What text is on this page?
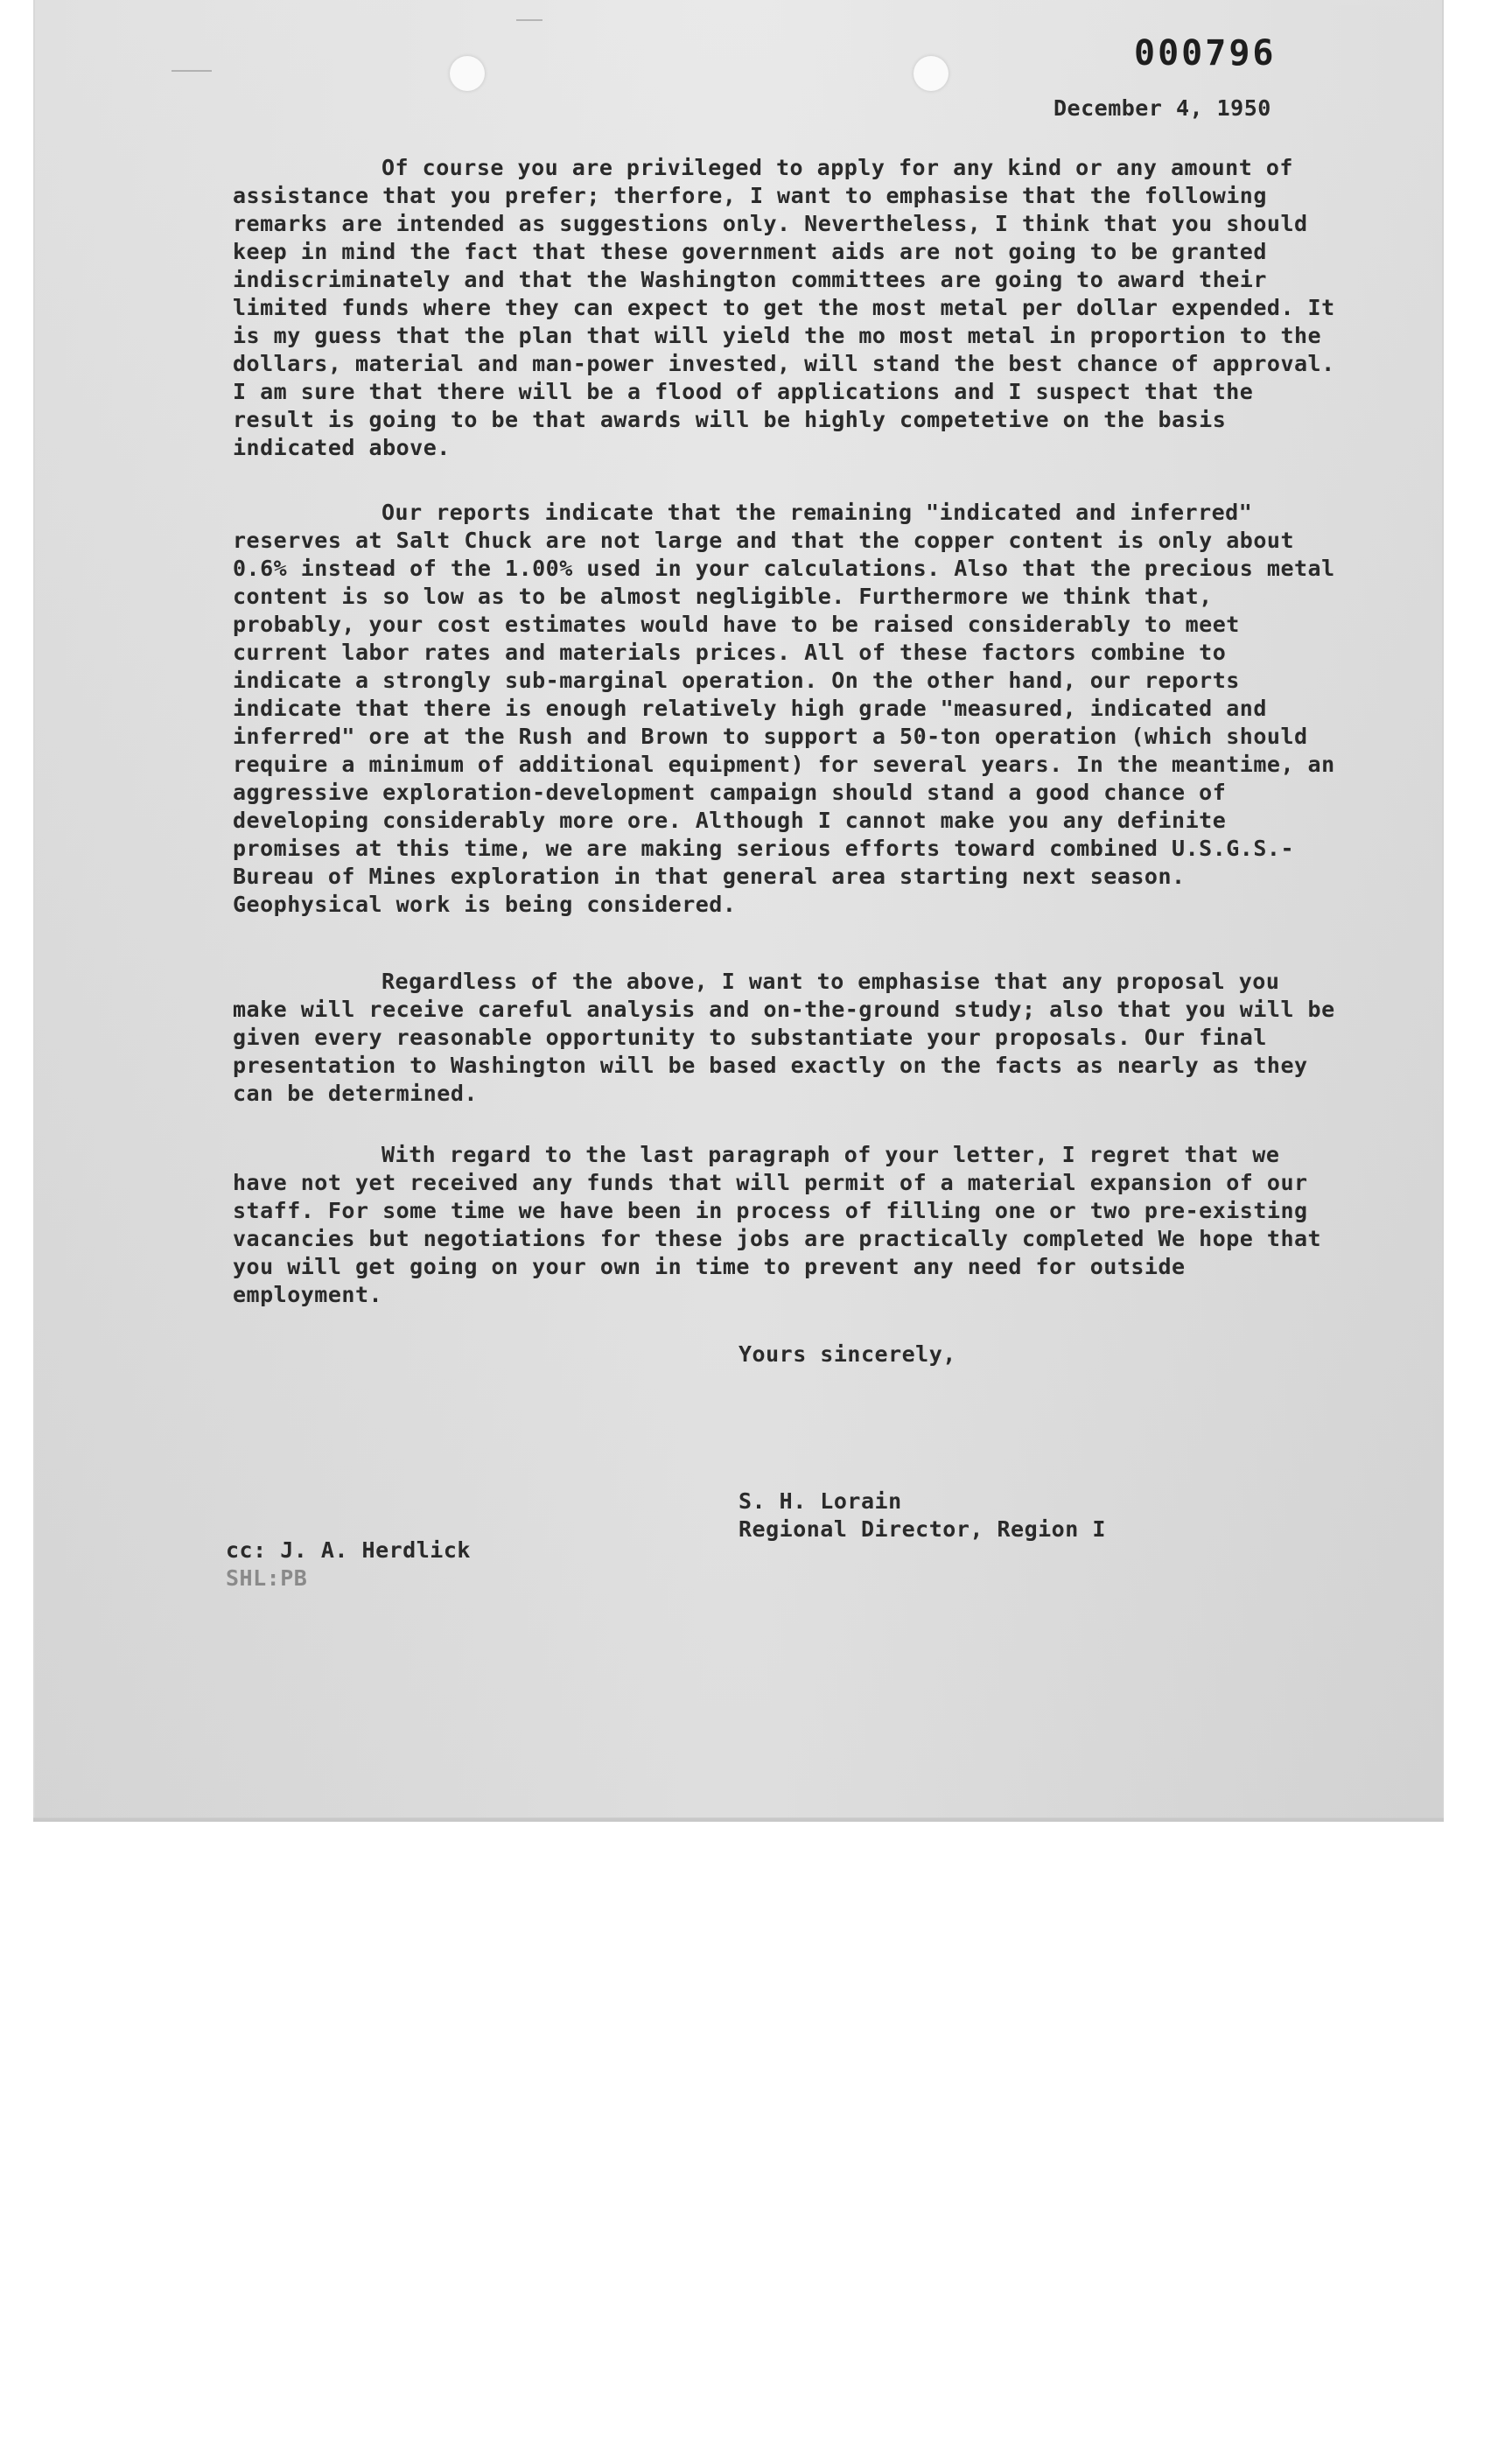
000796
December 4, 1950

Of course you are privileged to apply for any kind or any amount of assistance that you prefer; therfore, I want to emphasise that the following remarks are intended as suggestions only. Nevertheless, I think that you should keep in mind the fact that these government aids are not going to be granted indiscriminately and that the Washington committees are going to award their limited funds where they can expect to get the most metal per dollar expended. It is my guess that the plan that will yield the mo most metal in proportion to the dollars, material and man-power invested, will stand the best chance of approval. I am sure that there will be a flood of applications and I suspect that the result is going to be that awards will be highly competetive on the basis indicated above.

Our reports indicate that the remaining "indicated and inferred" reserves at Salt Chuck are not large and that the copper content is only about 0.6% instead of the 1.00% used in your calculations. Also that the precious metal content is so low as to be almost negligible. Furthermore we think that, probably, your cost estimates would have to be raised considerably to meet current labor rates and materials prices. All of these factors combine to indicate a strongly sub-marginal operation. On the other hand, our reports indicate that there is enough relatively high grade "measured, indicated and inferred" ore at the Rush and Brown to support a 50-ton operation (which should require a minimum of additional equipment) for several years. In the meantime, an aggressive exploration-development campaign should stand a good chance of developing considerably more ore. Although I cannot make you any definite promises at this time, we are making serious efforts toward combined U.S.G.S.-Bureau of Mines exploration in that general area starting next season. Geophysical work is being considered.

Regardless of the above, I want to emphasise that any proposal you make will receive careful analysis and on-the-ground study; also that you will be given every reasonable opportunity to substantiate your proposals. Our final presentation to Washington will be based exactly on the facts as nearly as they can be determined.

With regard to the last paragraph of your letter, I regret that we have not yet received any funds that will permit of a material expansion of our staff. For some time we have been in process of filling one or two pre-existing vacancies but negotiations for these jobs are practically completed We hope that you will get going on your own in time to prevent any need for outside employment.

Yours sincerely,
S. H. Lorain
Regional Director, Region I
cc: J. A. Herdlick
SHL:PB
